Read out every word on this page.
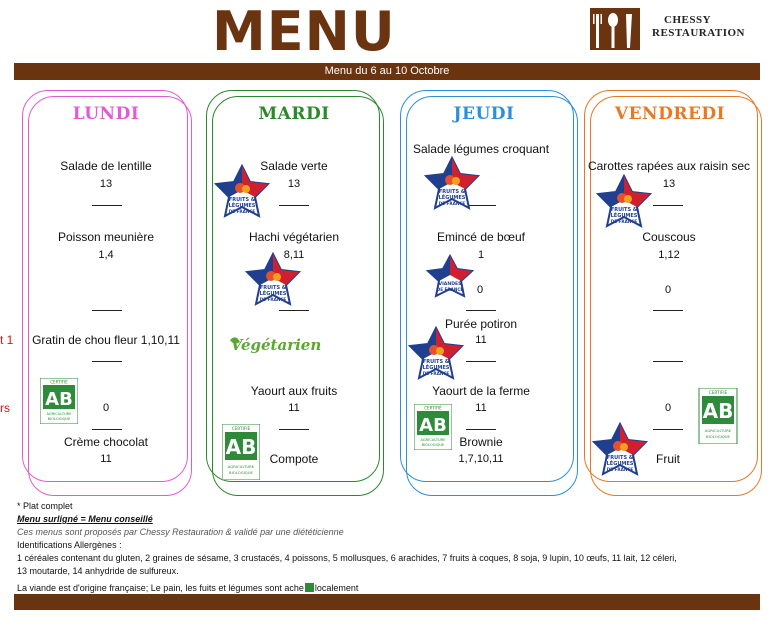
MENU	CHESSY
RESTAURATION
Menu du 6 au 10 Octobre
LUNDI
Salade de lentille
13
Poisson meunière
1,4
Gratin de chou fleur 1,10,11
0
Crème chocolat
11
t 1
rs AB
CERTIFIÉ
AGRICULTURE
BIOLOGIQUE
MARDI
Salade verte
13
Hachi végétarien
8,11
Yaourt aux fruits
11
Compote
FRUITS &
LÉGUMES
DE FRANCE
FRUITS &
LÉGUMES
DE FRANCE
Végétarien
AB
CERTIFIÉ
AGRICULTURE
BIOLOGIQUE
JEUDI
Salade légumes croquant
Emincé de bœuf
1
0
Purée potiron
11
Yaourt de la ferme
11
Brownie
1,7,10,11
FRUITS &
LÉGUMES
DE FRANCE
VIANDES
DE FRANCE
FRUITS &
LÉGUMES
DE FRANCE
AB
CERTIFIÉ
AGRICULTURE
BIOLOGIQUE
VENDREDI
Carottes rapées aux raisin sec
13
Couscous
1,12
0
0
Fruit
FRUITS &
LÉGUMES
DE FRANCE
FRUITS &
LÉGUMES
DE FRANCE
AB
CERTIFIÉ
AGRICULTURE
BIOLOGIQUE
* Plat complet
Menu surligné = Menu conseillé
Ces menus sont proposés par Chessy Restauration & validé par une diététicienne
Identifications Allergènes :
1 céréales contenant du gluten, 2 graines de sésame, 3 crustacés, 4 poissons, 5 mollusques, 6 arachides, 7 fruits à coques, 8 soja, 9 lupin, 10 œufs, 11 lait, 12 céleri,
13 moutarde, 14 anhydride de sulfureux.
La viande est d'origine française; Le pain, les fuits et légumes sont ache localement
